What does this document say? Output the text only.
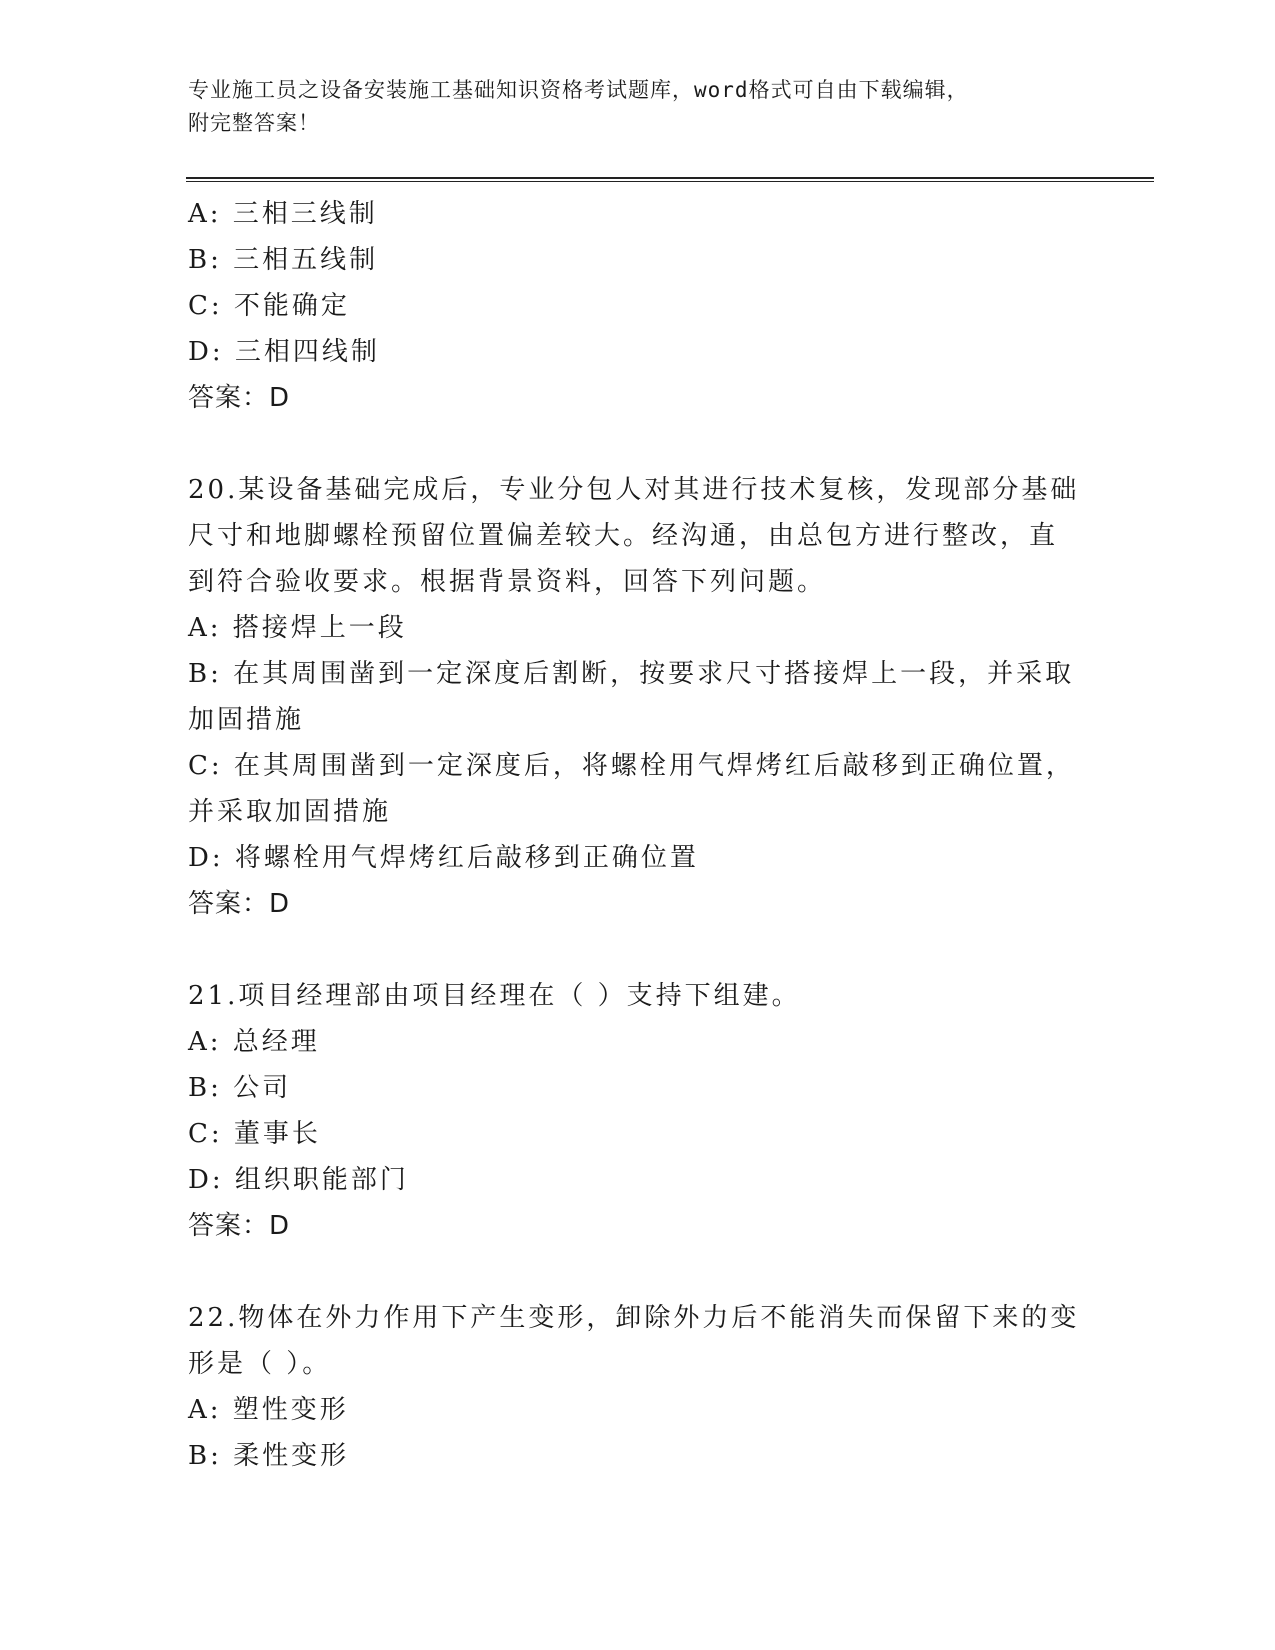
专业施工员之设备安装施工基础知识资格考试题库，word格式可自由下载编辑，
附完整答案！

A: 三相三线制

B: 三相五线制

C: 不能确定

D: 三相四线制

答案：D

20.某设备基础完成后，专业分包人对其进行技术复核，发现部分基础

尺寸和地脚螺栓预留位置偏差较大。经沟通，由总包方进行整改，直

到符合验收要求。根据背景资料，回答下列问题。

A: 搭接焊上一段

B: 在其周围凿到一定深度后割断，按要求尺寸搭接焊上一段，并采取

加固措施

C: 在其周围凿到一定深度后，将螺栓用气焊烤红后敲移到正确位置，

并采取加固措施

D: 将螺栓用气焊烤红后敲移到正确位置

答案：D

21.项目经理部由项目经理在（ ）支持下组建。

A: 总经理

B: 公司

C: 董事长

D: 组织职能部门

答案：D

22.物体在外力作用下产生变形，卸除外力后不能消失而保留下来的变

形是（ ）。

A: 塑性变形

B: 柔性变形
